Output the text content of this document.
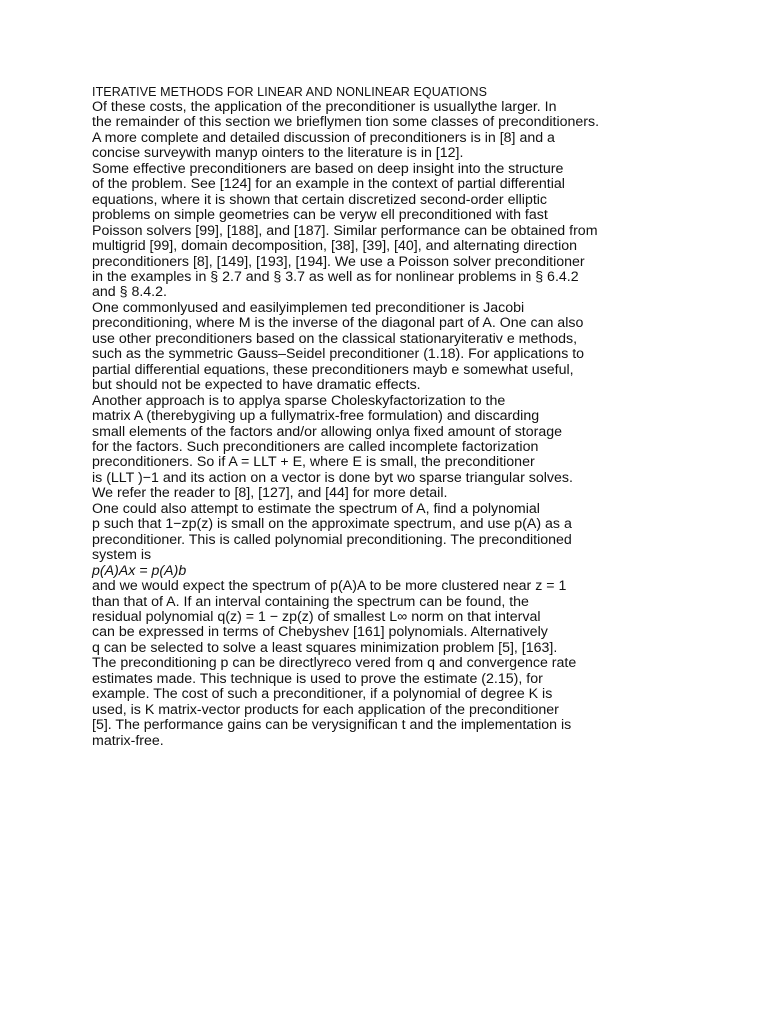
ITERATIVE METHODS FOR LINEAR AND NONLINEAR EQUATIONS
Of these costs, the application of the preconditioner is usuallythe larger. In
the remainder of this section we brieflymen tion some classes of preconditioners.
A more complete and detailed discussion of preconditioners is in [8] and a
concise surveywith manyp ointers to the literature is in [12].
Some effective preconditioners are based on deep insight into the structure
of the problem. See [124] for an example in the context of partial differential
equations, where it is shown that certain discretized second-order elliptic
problems on simple geometries can be veryw ell preconditioned with fast
Poisson solvers [99], [188], and [187]. Similar performance can be obtained from
multigrid [99], domain decomposition, [38], [39], [40], and alternating direction
preconditioners [8], [149], [193], [194]. We use a Poisson solver preconditioner
in the examples in § 2.7 and § 3.7 as well as for nonlinear problems in § 6.4.2
and § 8.4.2.
One commonlyused and easilyimplemen ted preconditioner is Jacobi
preconditioning, where M is the inverse of the diagonal part of A. One can also
use other preconditioners based on the classical stationaryiterativ e methods,
such as the symmetric Gauss–Seidel preconditioner (1.18). For applications to
partial differential equations, these preconditioners mayb e somewhat useful,
but should not be expected to have dramatic effects.
Another approach is to applya sparse Choleskyfactorization to the
matrix A (therebygiving up a fullymatrix-free formulation) and discarding
small elements of the factors and/or allowing onlya fixed amount of storage
for the factors. Such preconditioners are called incomplete factorization
preconditioners. So if A = LLT + E, where E is small, the preconditioner
is (LLT )−1 and its action on a vector is done byt wo sparse triangular solves.
We refer the reader to [8], [127], and [44] for more detail.
One could also attempt to estimate the spectrum of A, find a polynomial
p such that 1−zp(z) is small on the approximate spectrum, and use p(A) as a
preconditioner. This is called polynomial preconditioning. The preconditioned
system is
p(A)Ax = p(A)b
and we would expect the spectrum of p(A)A to be more clustered near z = 1
than that of A. If an interval containing the spectrum can be found, the
residual polynomial q(z) = 1 − zp(z) of smallest L∞ norm on that interval
can be expressed in terms of Chebyshev [161] polynomials. Alternatively
q can be selected to solve a least squares minimization problem [5], [163].
The preconditioning p can be directlyreco vered from q and convergence rate
estimates made. This technique is used to prove the estimate (2.15), for
example. The cost of such a preconditioner, if a polynomial of degree K is
used, is K matrix-vector products for each application of the preconditioner
[5]. The performance gains can be verysignifican t and the implementation is
matrix-free.
